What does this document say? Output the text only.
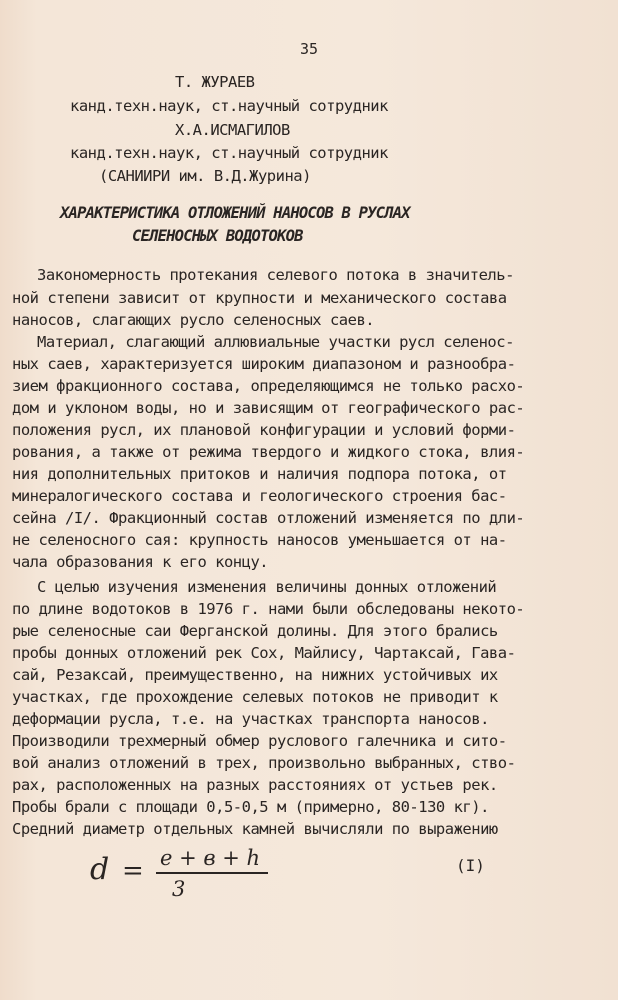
35
Т. ЖУРАЕВ
канд.техн.наук, ст.научный сотрудник
Х.А.ИСМАГИЛОВ
канд.техн.наук, ст.научный сотрудник
(САНИИРИ им. В.Д.Журина)
ХАРАКТЕРИСТИКА ОТЛОЖЕНИЙ НАНОСОВ В РУСЛАХ
СЕЛЕНОСНЫХ ВОДОТОКОВ
Закономерность протекания селевого потока в значитель-
ной степени зависит от крупности и механического состава
наносов, слагающих русло селеносных саев.
Материал, слагающий аллювиальные участки русл селенос-
ных саев, характеризуется широким диапазоном и разнообра-
зием фракционного состава, определяющимся не только расхо-
дом и уклоном воды, но и зависящим от географического рас-
положения русл, их плановой конфигурации и условий форми-
рования, а также от режима твердого и жидкого стока, влия-
ния дополнительных притоков и наличия подпора потока, от
минералогического состава и геологического строения бас-
сейна /I/. Фракционный состав отложений изменяется по дли-
не селеносного сая: крупность наносов уменьшается от на-
чала образования к его концу.
С целью изучения изменения величины донных отложений
по длине водотоков в 1976 г. нами были обследованы некото-
рые селеносные саи Ферганской долины. Для этого брались
пробы донных отложений рек Сох, Майлису, Чартаксай, Гава-
сай, Резаксай, преимущественно, на нижних устойчивых их
участках, где прохождение селевых потоков не приводит к
деформации русла, т.е. на участках транспорта наносов.
Производили трехмерный обмер руслового галечника и сито-
вой анализ отложений в трех, произвольно выбранных, ство-
рах, расположенных на разных расстояниях от устьев рек.
Пробы брали с площади 0,5-0,5 м (примерно, 80-130 кг).
Средний диаметр отдельных камней вычисляли по выражению
d = e + в + h
3
(I)
